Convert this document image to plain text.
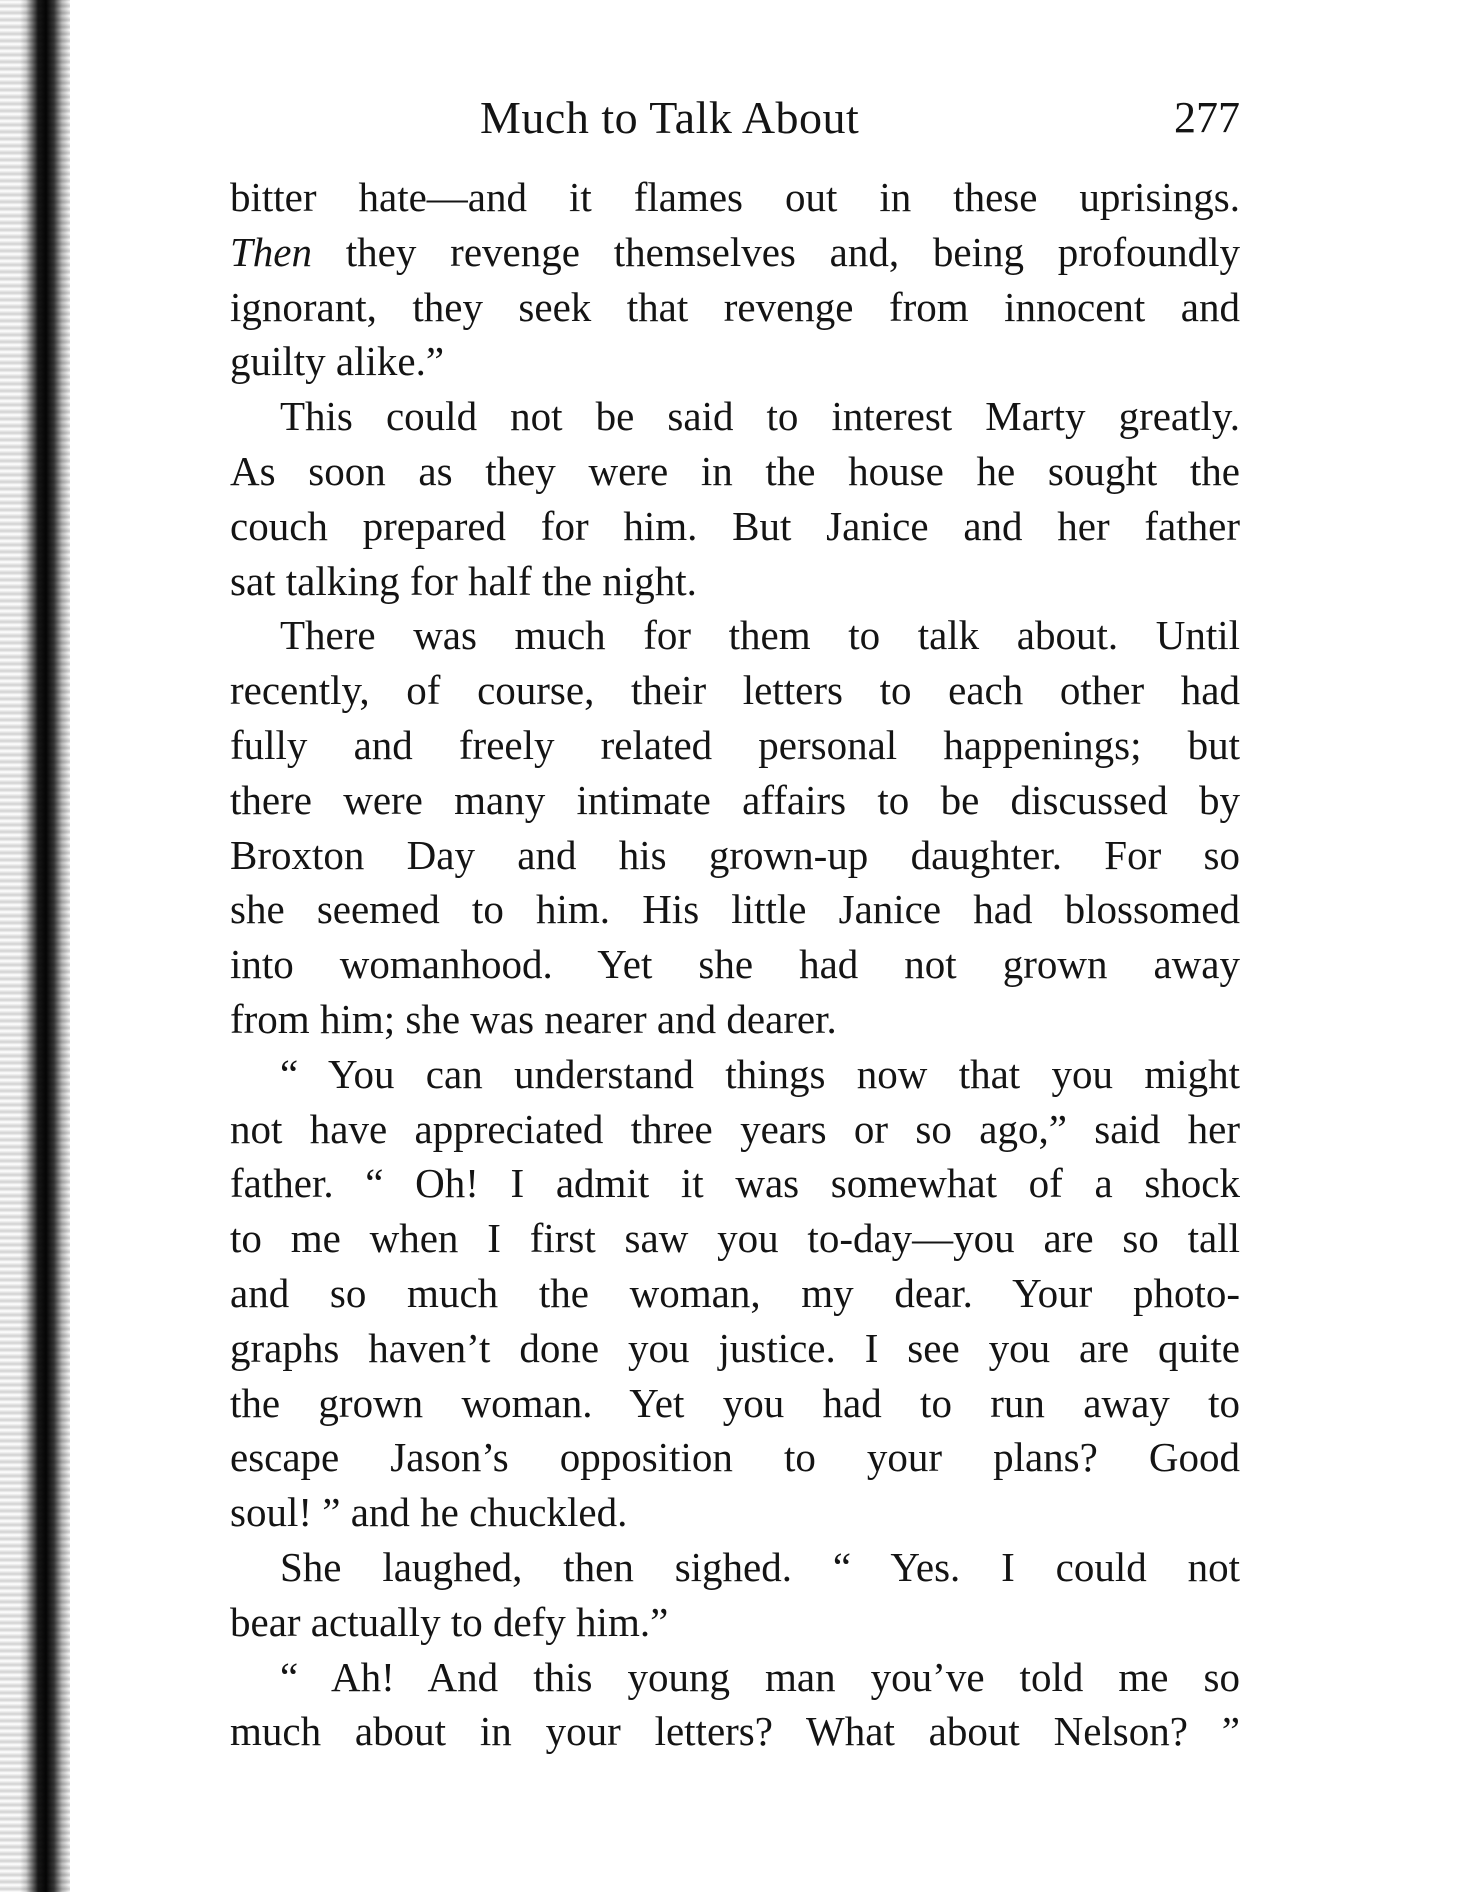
Much to Talk About	277
bitter hate—and it flames out in these uprisings.
Then they revenge themselves and, being profoundly
ignorant, they seek that revenge from innocent and
guilty alike.”
This could not be said to interest Marty greatly.
As soon as they were in the house he sought the
couch prepared for him. But Janice and her father
sat talking for half the night.
There was much for them to talk about. Until
recently, of course, their letters to each other had
fully and freely related personal happenings; but
there were many intimate affairs to be discussed by
Broxton Day and his grown-up daughter. For so
she seemed to him. His little Janice had blossomed
into womanhood. Yet she had not grown away
from him; she was nearer and dearer.
“ You can understand things now that you might
not have appreciated three years or so ago,” said her
father. “ Oh! I admit it was somewhat of a shock
to me when I first saw you to-day—you are so tall
and so much the woman, my dear. Your photo-
graphs haven’t done you justice. I see you are quite
the grown woman. Yet you had to run away to
escape Jason’s opposition to your plans? Good
soul! ” and he chuckled.
She laughed, then sighed. “ Yes. I could not
bear actually to defy him.”
“ Ah! And this young man you’ve told me so
much about in your letters? What about Nelson? ”
